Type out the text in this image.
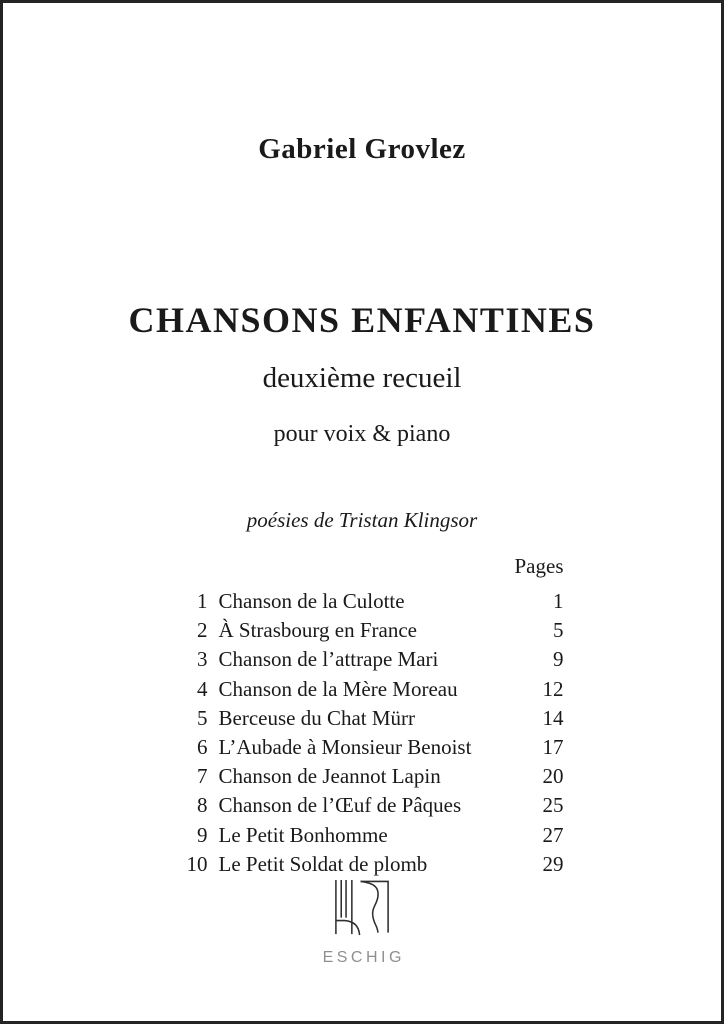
Gabriel Grovlez
CHANSONS ENFANTINES
deuxième recueil
pour voix & piano
poésies de Tristan Klingsor
Pages
1 Chanson de la Culotte	1
2 À Strasbourg en France	5
3 Chanson de l’attrape Mari	9
4 Chanson de la Mère Moreau	12
5 Berceuse du Chat Mürr	14
6 L’Aubade à Monsieur Benoist	17
7 Chanson de Jeannot Lapin	20
8 Chanson de l’Œuf de Pâques	25
9 Le Petit Bonhomme	27
10 Le Petit Soldat de plomb	29
ESCHIG
